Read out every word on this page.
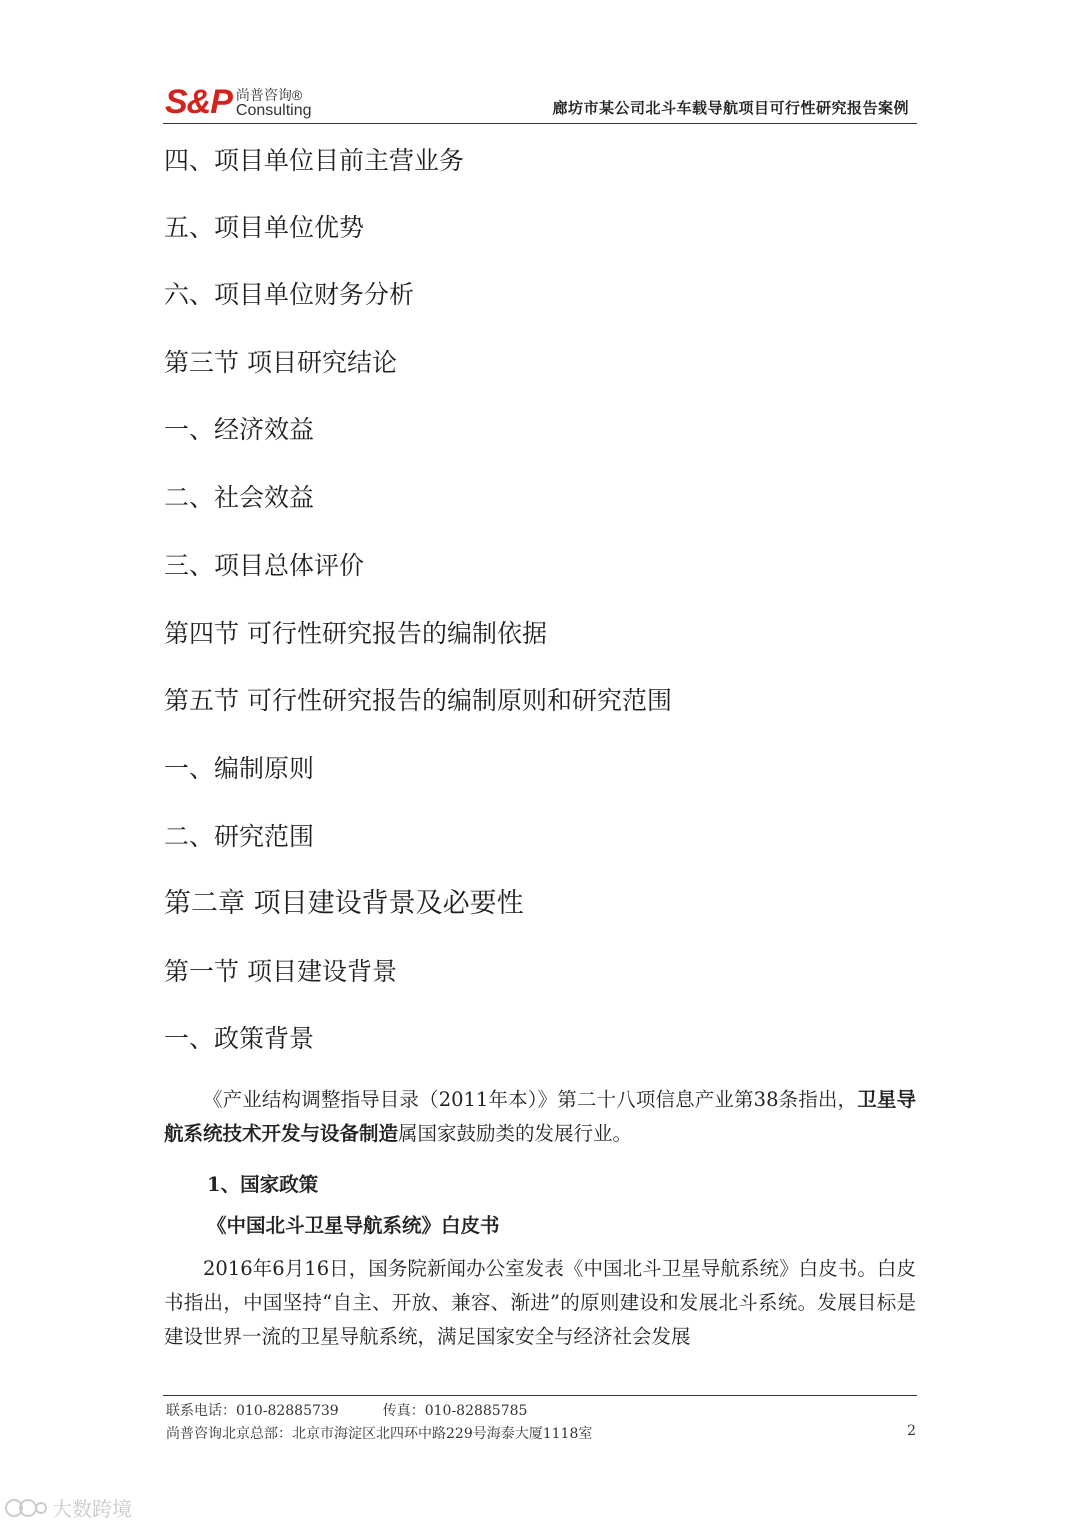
S&P 尚普咨询®
Consulting	廊坊市某公司北斗车载导航项目可行性研究报告案例

四、项目单位目前主营业务

五、项目单位优势

六、项目单位财务分析

第三节 项目研究结论

一、经济效益

二、社会效益

三、项目总体评价

第四节 可行性研究报告的编制依据

第五节 可行性研究报告的编制原则和研究范围

一、编制原则

二、研究范围

第二章 项目建设背景及必要性

第一节 项目建设背景

一、政策背景

《产业结构调整指导目录（2011年本）》第二十八项信息产业第38条指出，卫星导航系统技术开发与设备制造属国家鼓励类的发展行业。

1、国家政策

《中国北斗卫星导航系统》白皮书

2016年6月16日，国务院新闻办公室发表《中国北斗卫星导航系统》白皮书。白皮书指出，中国坚持“自主、开放、兼容、渐进”的原则建设和发展北斗系统。发展目标是建设世界一流的卫星导航系统，满足国家安全与经济社会发展

联系电话：010-82885739	传真：010-82885785
尚普咨询北京总部：北京市海淀区北四环中路229号海泰大厦1118室	2
大数跨境
